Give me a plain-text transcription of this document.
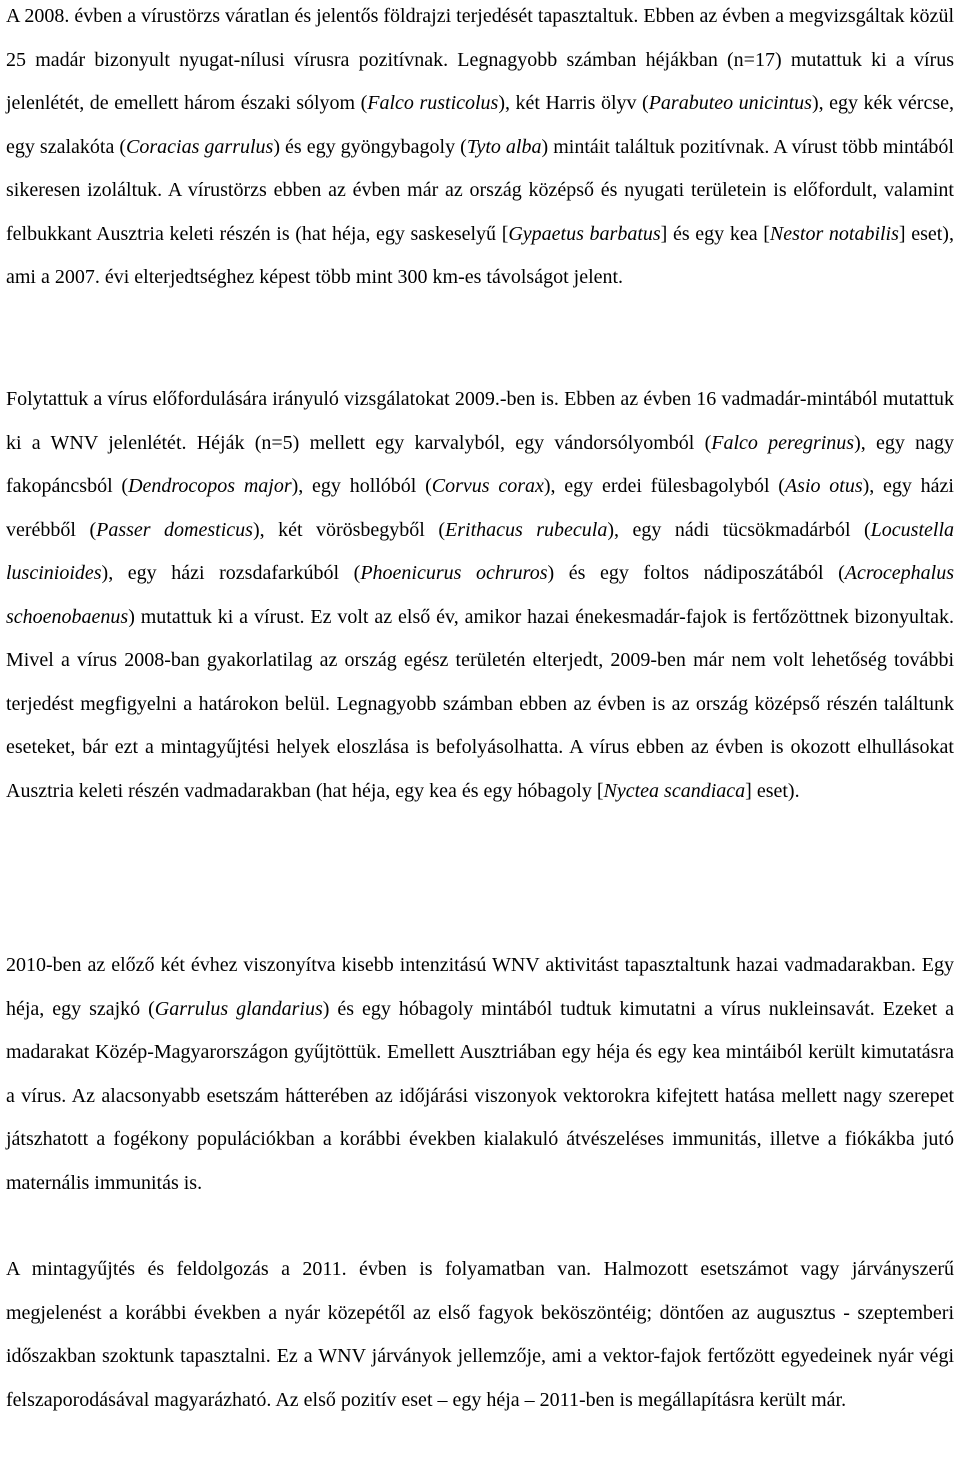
A 2008. évben a vírustörzs váratlan és jelentős földrajzi terjedését tapasztaltuk. Ebben az évben a megvizsgáltak közül 25 madár bizonyult nyugat-nílusi vírusra pozitívnak. Legnagyobb számban héjákban (n=17) mutattuk ki a vírus jelenlétét, de emellett három északi sólyom (Falco rusticolus), két Harris ölyv (Parabuteo unicintus), egy kék vércse, egy szalakóta (Coracias garrulus) és egy gyöngybagoly (Tyto alba) mintáit találtuk pozitívnak. A vírust több mintából sikeresen izoláltuk. A vírustörzs ebben az évben már az ország középső és nyugati területein is előfordult, valamint felbukkant Ausztria keleti részén is (hat héja, egy saskeselyű [Gypaetus barbatus] és egy kea [Nestor notabilis] eset), ami a 2007. évi elterjedtséghez képest több mint 300 km-es távolságot jelent.

Folytattuk a vírus előfordulására irányuló vizsgálatokat 2009.-ben is. Ebben az évben 16 vadmadár-mintából mutattuk ki a WNV jelenlétét. Héják (n=5) mellett egy karvalyból, egy vándorsólyomból (Falco peregrinus), egy nagy fakopáncsból (Dendrocopos major), egy hollóból (Corvus corax), egy erdei fülesbagolyból (Asio otus), egy házi verébből (Passer domesticus), két vörösbegyből (Erithacus rubecula), egy nádi tücsökmadárból (Locustella luscinioides), egy házi rozsdafarkúból (Phoenicurus ochruros) és egy foltos nádiposzátából (Acrocephalus schoenobaenus) mutattuk ki a vírust. Ez volt az első év, amikor hazai énekesmadár-fajok is fertőzöttnek bizonyultak. Mivel a vírus 2008-ban gyakorlatilag az ország egész területén elterjedt, 2009-ben már nem volt lehetőség további terjedést megfigyelni a határokon belül. Legnagyobb számban ebben az évben is az ország középső részén találtunk eseteket, bár ezt a mintagyűjtési helyek eloszlása is befolyásolhatta. A vírus ebben az évben is okozott elhullásokat Ausztria keleti részén vadmadarakban (hat héja, egy kea és egy hóbagoly [Nyctea scandiaca] eset).

2010-ben az előző két évhez viszonyítva kisebb intenzitású WNV aktivitást tapasztaltunk hazai vadmadarakban. Egy héja, egy szajkó (Garrulus glandarius) és egy hóbagoly mintából tudtuk kimutatni a vírus nukleinsavát. Ezeket a madarakat Közép-Magyarországon gyűjtöttük. Emellett Ausztriában egy héja és egy kea mintáiból került kimutatásra a vírus. Az alacsonyabb esetszám hátterében az időjárási viszonyok vektorokra kifejtett hatása mellett nagy szerepet játszhatott a fogékony populációkban a korábbi években kialakuló átvészeléses immunitás, illetve a fiókákba jutó maternális immunitás is.

A mintagyűjtés és feldolgozás a 2011. évben is folyamatban van. Halmozott esetszámot vagy járványszerű megjelenést a korábbi években a nyár közepétől az első fagyok beköszöntéig; döntően az augusztus - szeptemberi időszakban szoktunk tapasztalni. Ez a WNV járványok jellemzője, ami a vektor-fajok fertőzött egyedeinek nyár végi felszaporodásával magyarázható. Az első pozitív eset – egy héja – 2011-ben is megállapításra került már.
